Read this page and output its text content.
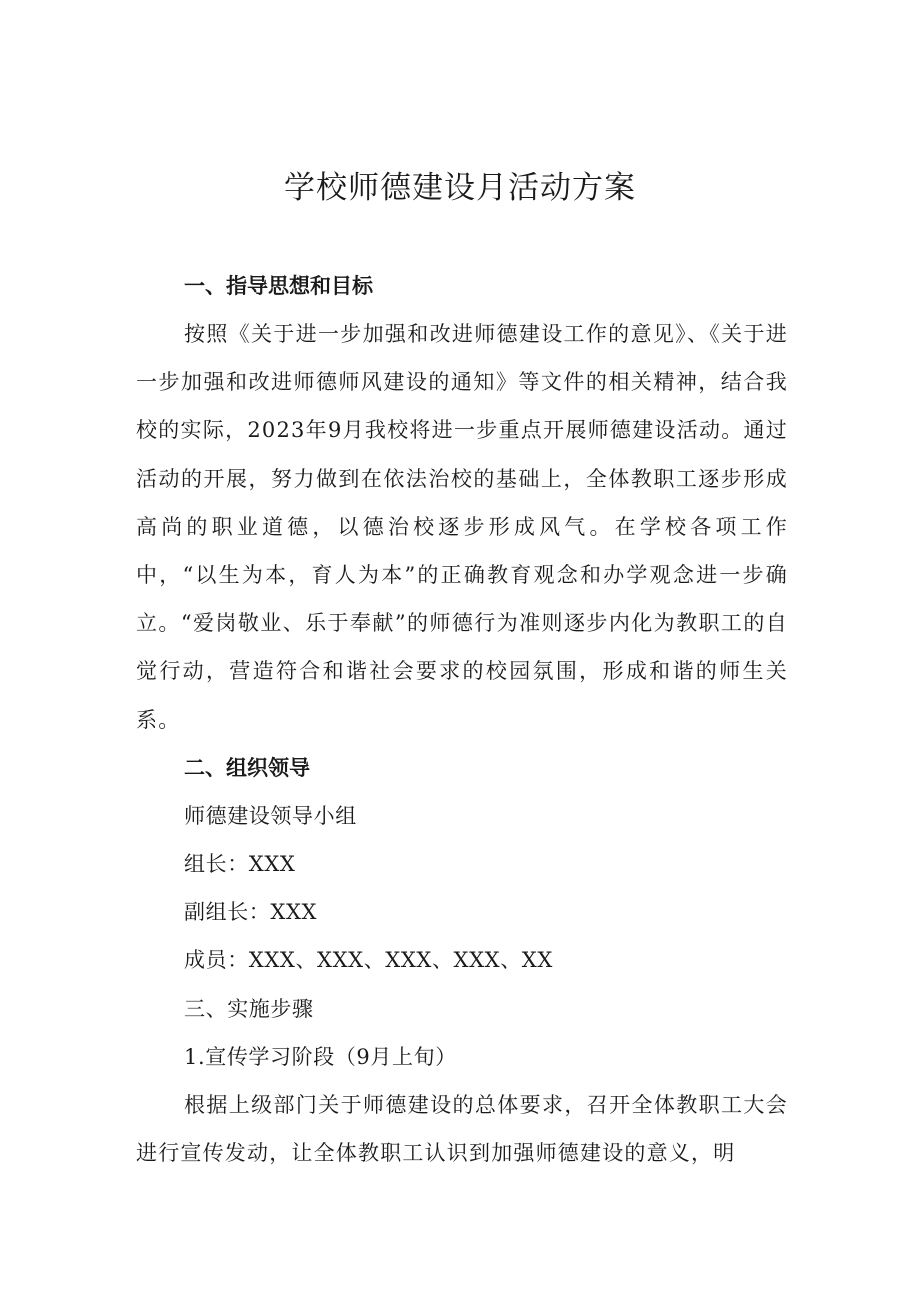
学校师德建设月活动方案
一、指导思想和目标

按照《关于进一步加强和改进师德建设工作的意见》、《关于进一步加强和改进师德师风建设的通知》等文件的相关精神，结合我校的实际，2023年9月我校将进一步重点开展师德建设活动。通过活动的开展，努力做到在依法治校的基础上，全体教职工逐步形成高尚的职业道德，以德治校逐步形成风气。在学校各项工作中，“以生为本，育人为本”的正确教育观念和办学观念进一步确立。“爱岗敬业、乐于奉献”的师德行为准则逐步内化为教职工的自觉行动，营造符合和谐社会要求的校园氛围，形成和谐的师生关系。

二、组织领导
师德建设领导小组
组长：XXX
副组长：XXX
成员：XXX、XXX、XXX、XXX、XX
三、实施步骤
1.宣传学习阶段（9月上旬）

根据上级部门关于师德建设的总体要求，召开全体教职工大会进行宣传发动，让全体教职工认识到加强师德建设的意义，明
